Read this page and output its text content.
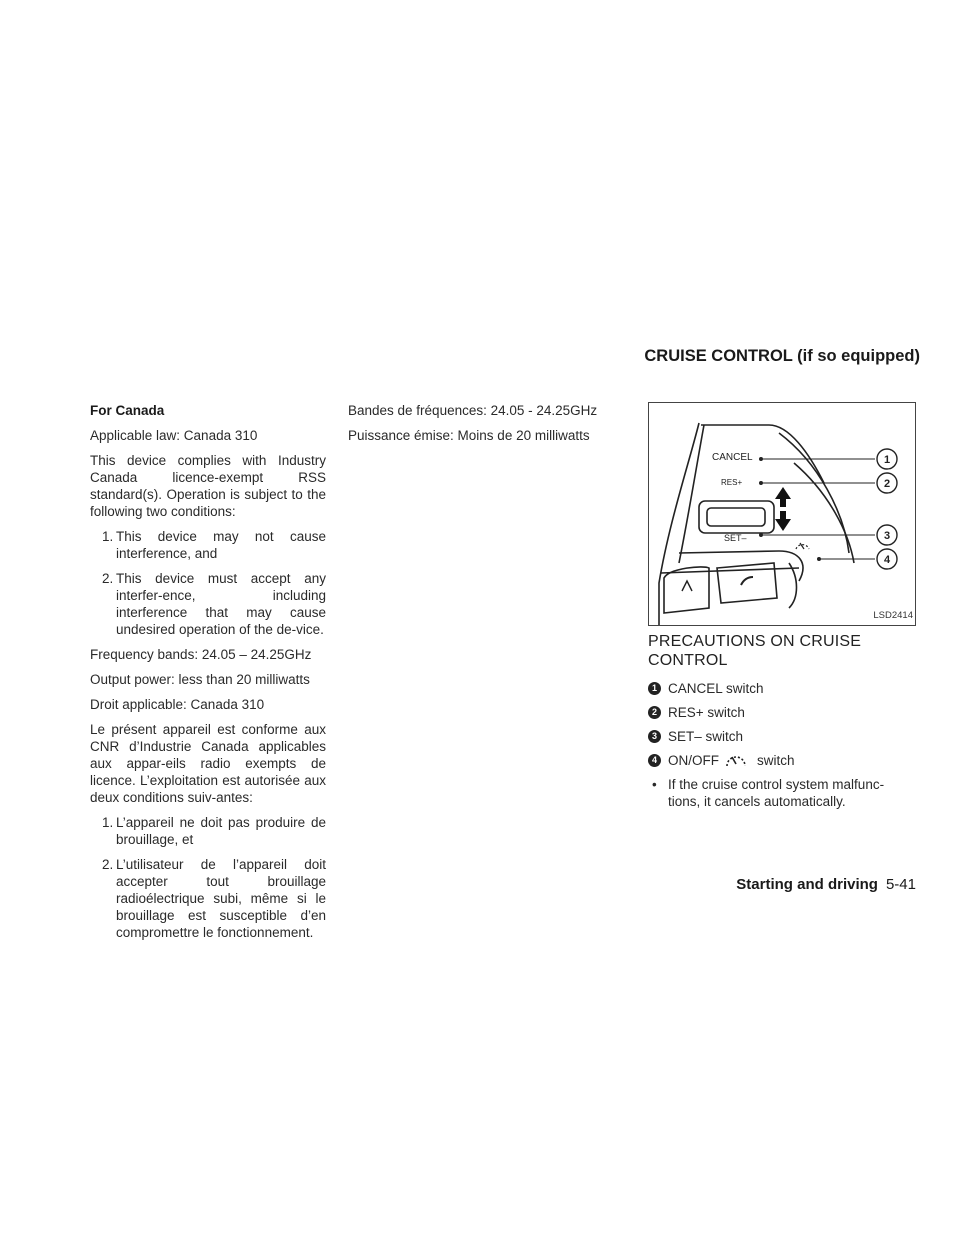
CRUISE CONTROL (if so equipped)

For Canada

Applicable law: Canada 310

This device complies with Industry Canada licence-exempt RSS standard(s). Operation is subject to the following two conditions:

1. This device may not cause interference, and
2. This device must accept any interfer-ence, including interference that may cause undesired operation of the de-vice.

Frequency bands: 24.05 – 24.25GHz

Output power: less than 20 milliwatts

Droit applicable: Canada 310

Le présent appareil est conforme aux CNR d’Industrie Canada applicables aux appar-eils radio exempts de licence. L’exploitation est autorisée aux deux conditions suiv-antes:

1. L’appareil ne doit pas produire de brouillage, et
2. L’utilisateur de l’appareil doit accepter tout brouillage radioélectrique subi, même si le brouillage est susceptible d’en compromettre le fonctionnement.

Bandes de fréquences: 24.05 - 24.25GHz

Puissance émise: Moins de 20 milliwatts

CANCEL
RES+
SET–
1
2
3
4
LSD2414
PRECAUTIONS ON CRUISE CONTROL
1 CANCEL switch
2 RES+ switch
3 SET– switch
4 ON/OFF	switch
• If the cruise control system malfunc-tions, it cancels automatically.
Starting and driving 5-41
